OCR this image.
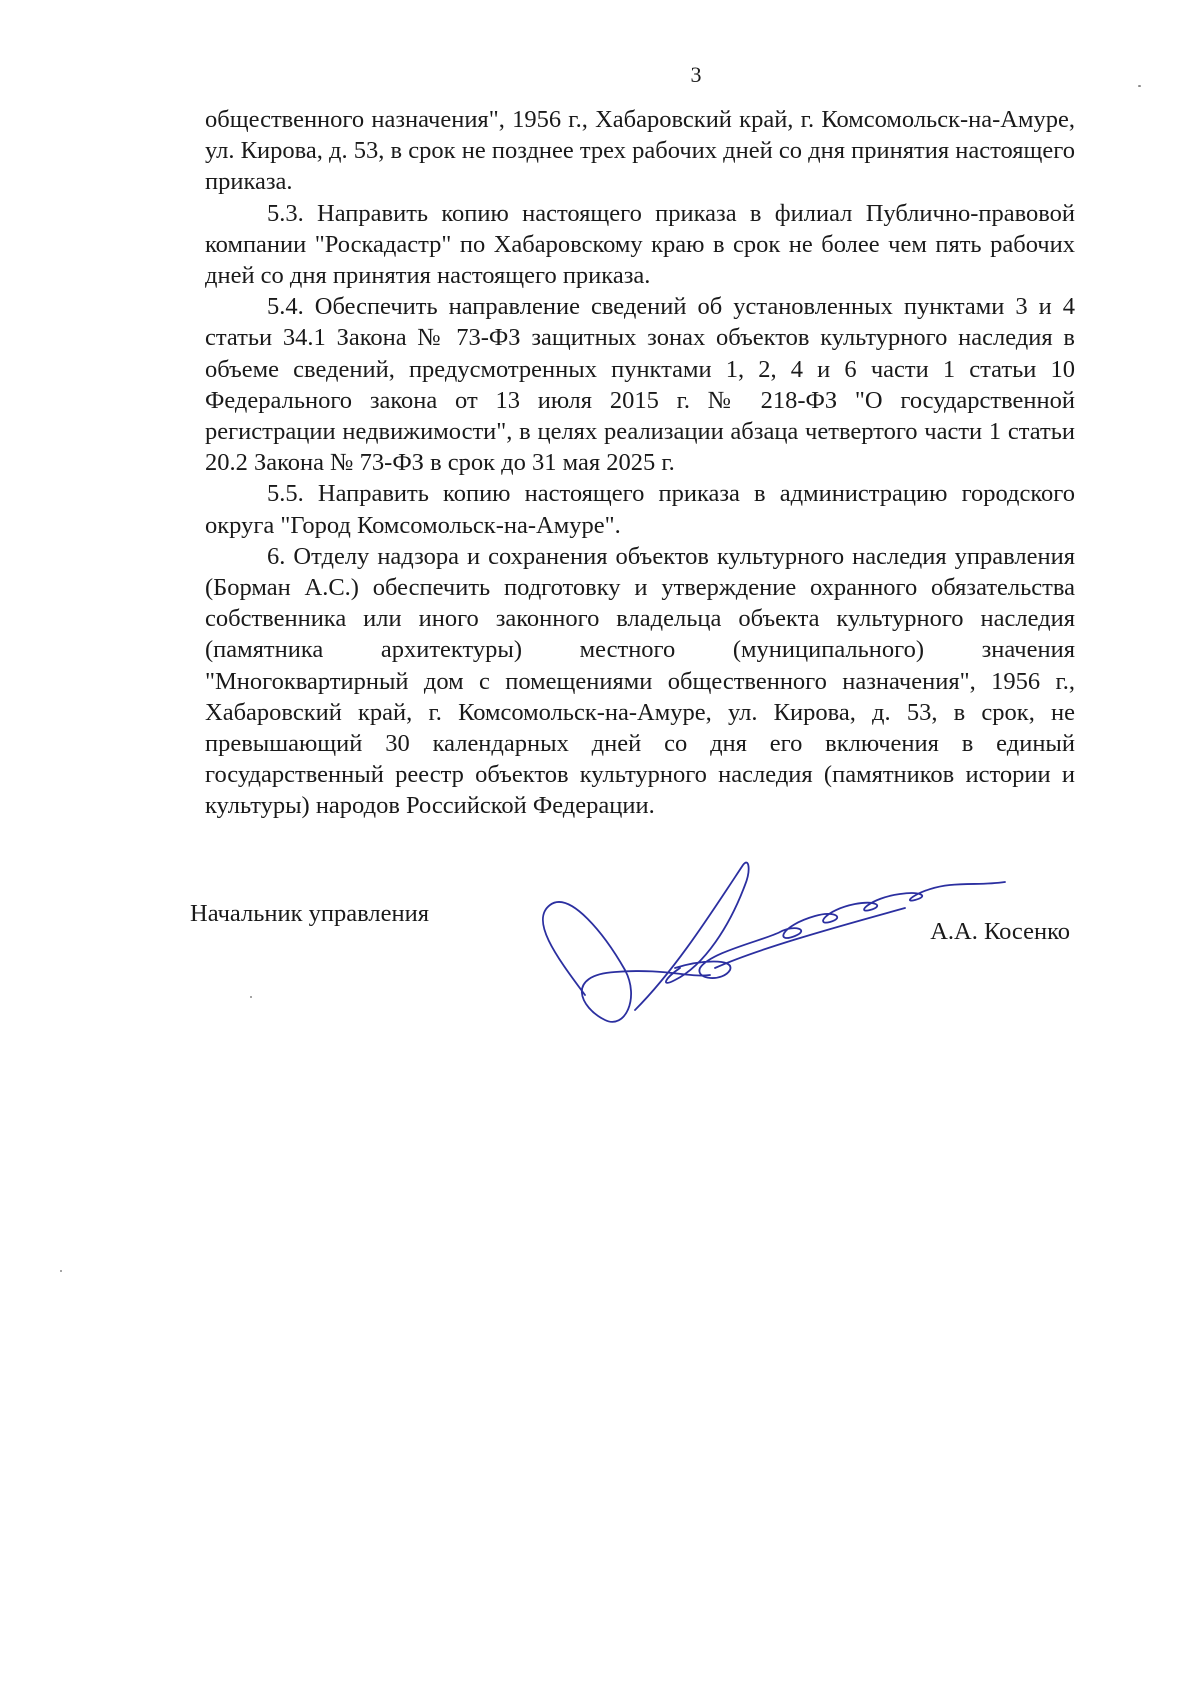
3

общественного назначения", 1956 г., Хабаровский край, г. Комсомольск-на-Амуре, ул. Кирова, д. 53, в срок не позднее трех рабочих дней со дня принятия настоящего приказа.

5.3. Направить копию настоящего приказа в филиал Публично-правовой компании "Роскадастр" по Хабаровскому краю в срок не более чем пять рабочих дней со дня принятия настоящего приказа.

5.4. Обеспечить направление сведений об установленных пунктами 3 и 4 статьи 34.1 Закона № 73-ФЗ защитных зонах объектов культурного наследия в объеме сведений, предусмотренных пунктами 1, 2, 4 и 6 части 1 статьи 10 Федерального закона от 13 июля 2015 г. № 218-ФЗ "О государственной регистрации недвижимости", в целях реализации абзаца четвертого части 1 статьи 20.2 Закона № 73-ФЗ в срок до 31 мая 2025 г.

5.5. Направить копию настоящего приказа в администрацию городского округа "Город Комсомольск-на-Амуре".

6. Отделу надзора и сохранения объектов культурного наследия управления (Борман А.С.) обеспечить подготовку и утверждение охранного обязательства собственника или иного законного владельца объекта культурного наследия (памятника архитектуры) местного (муниципального) значения "Многоквартирный дом с помещениями общественного назначения", 1956 г., Хабаровский край, г. Комсомольск-на-Амуре, ул. Кирова, д. 53, в срок, не превышающий 30 календарных дней со дня его включения в единый государственный реестр объектов культурного наследия (памятников истории и культуры) народов Российской Федерации.

Начальник управления
А.А. Косенко
